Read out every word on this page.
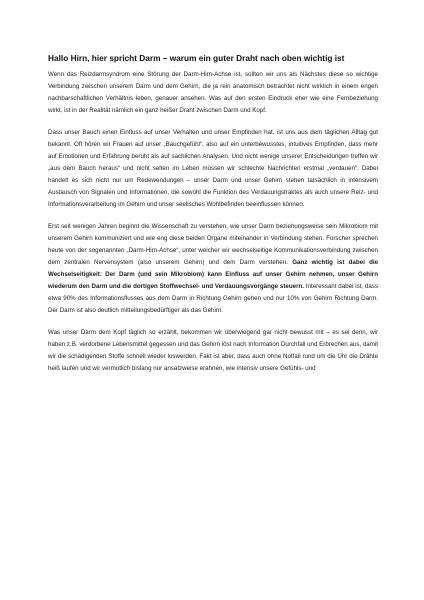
Hallo Hirn, hier spricht Darm – warum ein guter Draht nach oben wichtig ist

Wenn das Reizdarmsyndrom eine Störung der Darm-Hirn-Achse ist, sollten wir uns als Nächstes diese so wichtige Verbindung zwischen unserem Darm und dem Gehirn, die ja rein anatomisch betrachtet nicht wirklich in einem engen nachbarschaftlichen Verhältnis leben, genauer ansehen. Was auf den ersten Eindruck eher wie eine Fernbeziehung wirkt, ist in der Realität nämlich ein ganz heißer Draht zwischen Darm und Kopf.

Dass unser Bauch einen Einfluss auf unser Verhalten und unser Empfinden hat, ist uns aus dem täglichen Alltag gut bekannt. Oft hören wir Frauen auf unser „Bauchgefühl“, also auf ein unterbewusstes, intuitives Empfinden, dass mehr auf Emotionen und Erfahrung beruht als auf sachlichen Analysen. Und nicht wenige unserer Entscheidungen treffen wir „aus dem Bauch heraus“ und nicht selten im Leben müssen wir schlechte Nachrichten erstmal „verdauen“. Dabei handelt es sich nicht nur um Redewendungen – unser Darm und unser Gehirn stehen tatsächlich in intensivem Austausch von Signalen und Informationen, die sowohl die Funktion des Verdauungstraktes als auch unsere Reiz- und Informationsverarbeitung im Gehirn und unser seelisches Wohlbefinden beeinflussen können.

Erst seit wenigen Jahren beginnt die Wissenschaft zu verstehen, wie unser Darm beziehungsweise sein Mikrobiom mit unserem Gehirn kommuniziert und wie eng diese beiden Organe miteinander in Verbindung stehen. Forscher sprechen heute von der sogenannten „Darm-Hirn-Achse“, unter welcher wir wechselseitige Kommunikationsverbindung zwischen dem zentralen Nervensystem (also unserem Gehirn) und dem Darm verstehen. Ganz wichtig ist dabei die Wechselseitigkeit: Der Darm (und sein Mikrobiom) kann Einfluss auf unser Gehirn nehmen, unser Gehirn wiederum den Darm und die dortigen Stoffwechsel- und Verdauungsvorgänge steuern. Interessant dabei ist, dass etwa 90% des Informationsflusses aus dem Darm in Richtung Gehirn gehen und nur 10% von Gehirn Richtung Darm. Der Darm ist also deutlich mitteilungsbedürftiger als das Gehirn.

Was unser Darm dem Kopf täglich so erzählt, bekommen wir überwiegend gar nicht bewusst mit – es sei denn, wir haben z.B. verdorbene Lebensmittel gegessen und das Gehirn löst nach Information Durchfall und Erbrechen aus, damit wir die schädigenden Stoffe schnell wieder loswerden. Fakt ist aber, dass auch ohne Notfall rund um die Uhr die Drähte heiß laufen und wir vermutlich bislang nur ansatzweise erahnen, wie intensiv unsere Gefühls- und
